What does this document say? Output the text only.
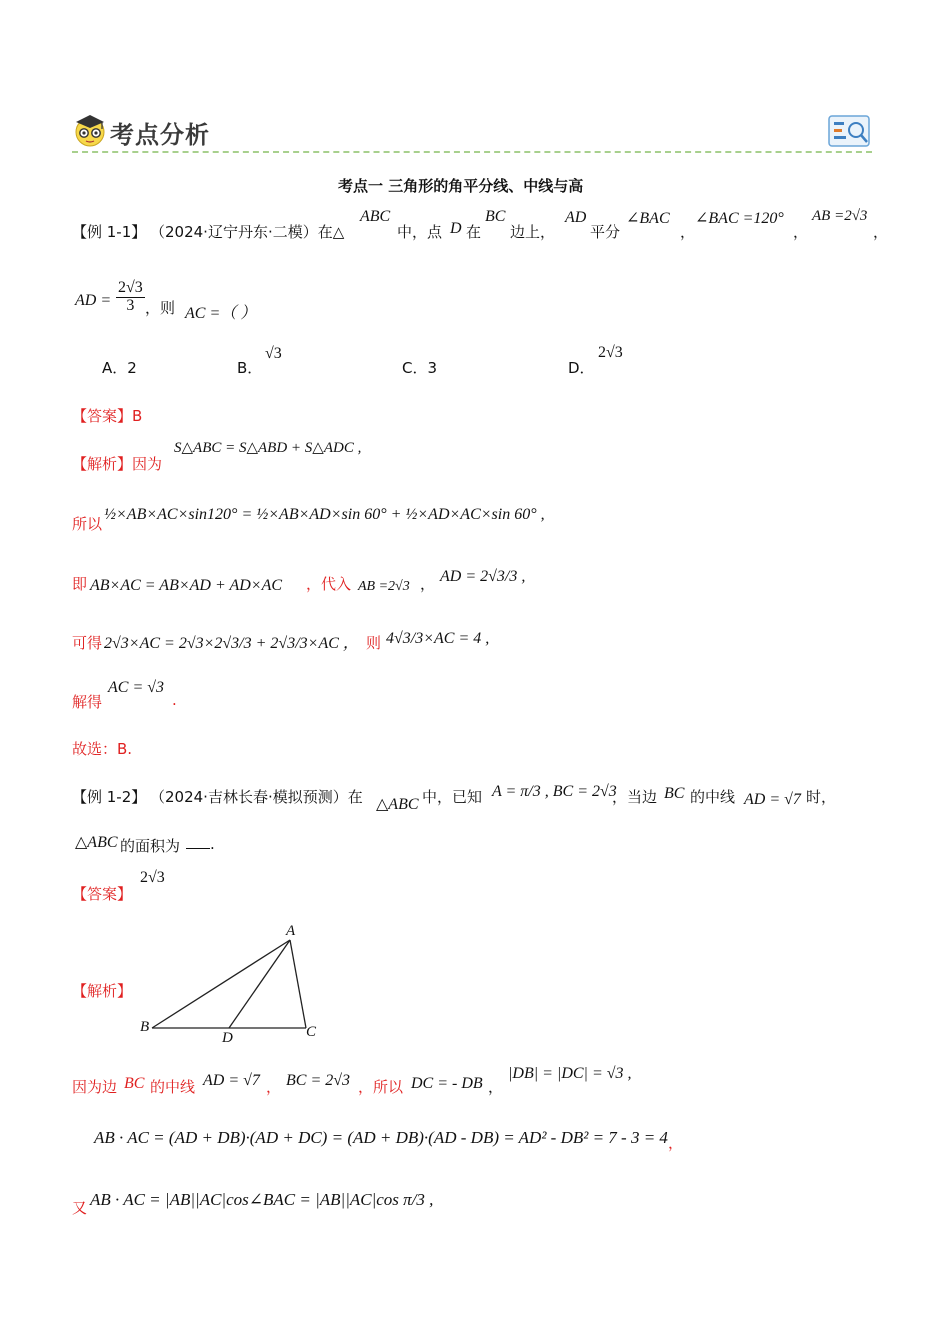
考点分析
考点一 三角形的角平分线、中线与高
【例 1-1】 （2024·辽宁丹东·二模）在△
ABC
中，点 D 在
BC
边上，
AD
平分
∠BAC
，
∠BAC =120°
，
AB =2√3
，
AD = $\frac{2√3}{3}$ ，则 AC =（ ）
A．2	B．
√3
C．3	D．
2√3
【答案】B
【解析】因为
S△ABC = S△ABD + S△ADC ,
所以
½×AB×AC×sin120° = ½×AB×AD×sin 60° + ½×AD×AC×sin 60° ,
即 AB×AC = AB×AD + AD×AC ，代入 AB =2√3 ， AD = 2√3/3 ,
可得 2√3×AC = 2√3×2√3/3 + 2√3/3×AC ， 则 4√3/3×AC = 4 ,
解得
AC = √3
.
故选：B.
【例 1-2】 （2024·吉林长春·模拟预测）在 △ABC 中，已知 A = π/3 , BC = 2√3
，当边 BC 的中线 AD = √7 时，
△ABC 的面积为	.
【答案】
2√3
A
B	C
D
【解析】
因为边 BC 的中线 AD = √7 ， BC = 2√3 ，所以 DC = - DB ，
|DB| = |DC| = √3 ,
AB · AC = (AD + DB)·(AD + DC) = (AD + DB)·(AD - DB) = AD² - DB² = 7 - 3 = 4 ，
又 AB · AC = |AB||AC|cos∠BAC = |AB||AC|cos π/3 ,
